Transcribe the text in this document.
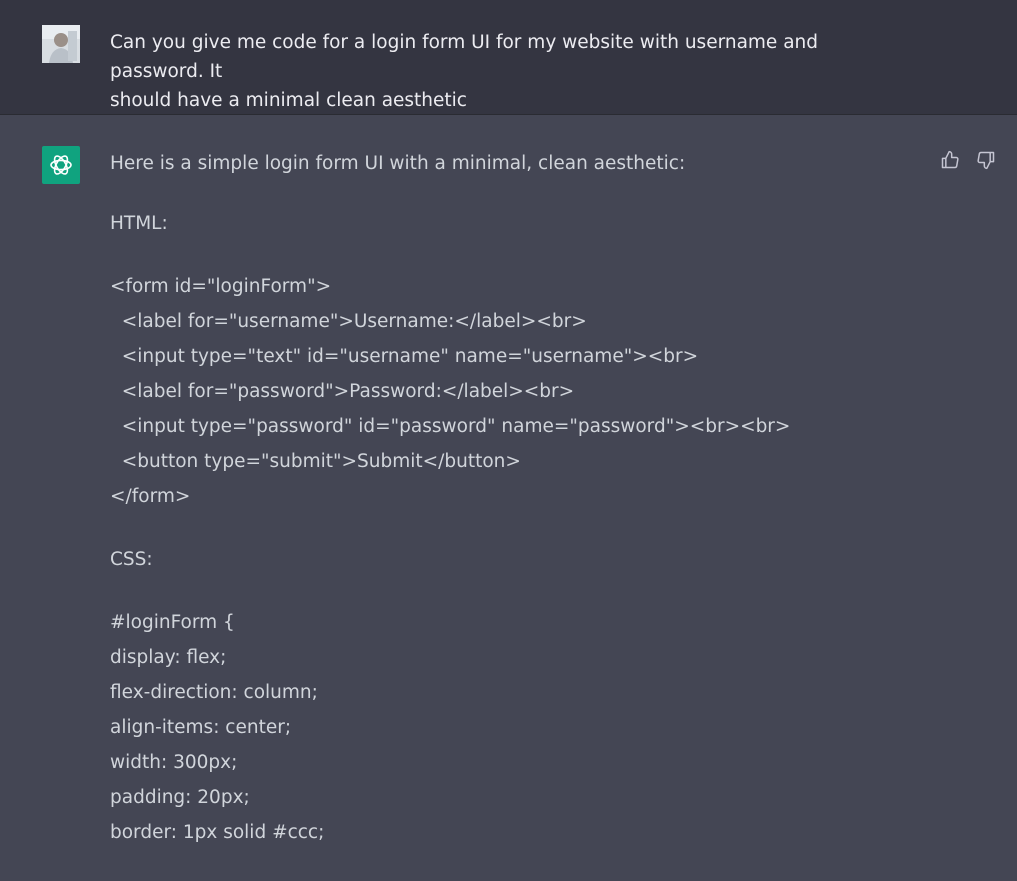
Can you give me code for a login form UI for my website with username and password. It
should have a minimal clean aesthetic
Here is a simple login form UI with a minimal, clean aesthetic:
HTML:
<form id="loginForm">
<label for="username">Username:</label><br>
<input type="text" id="username" name="username"><br>
<label for="password">Password:</label><br>
<input type="password" id="password" name="password"><br><br>
<button type="submit">Submit</button>
</form>
CSS:
#loginForm {
display: flex;
flex-direction: column;
align-items: center;
width: 300px;
padding: 20px;
border: 1px solid #ccc;
